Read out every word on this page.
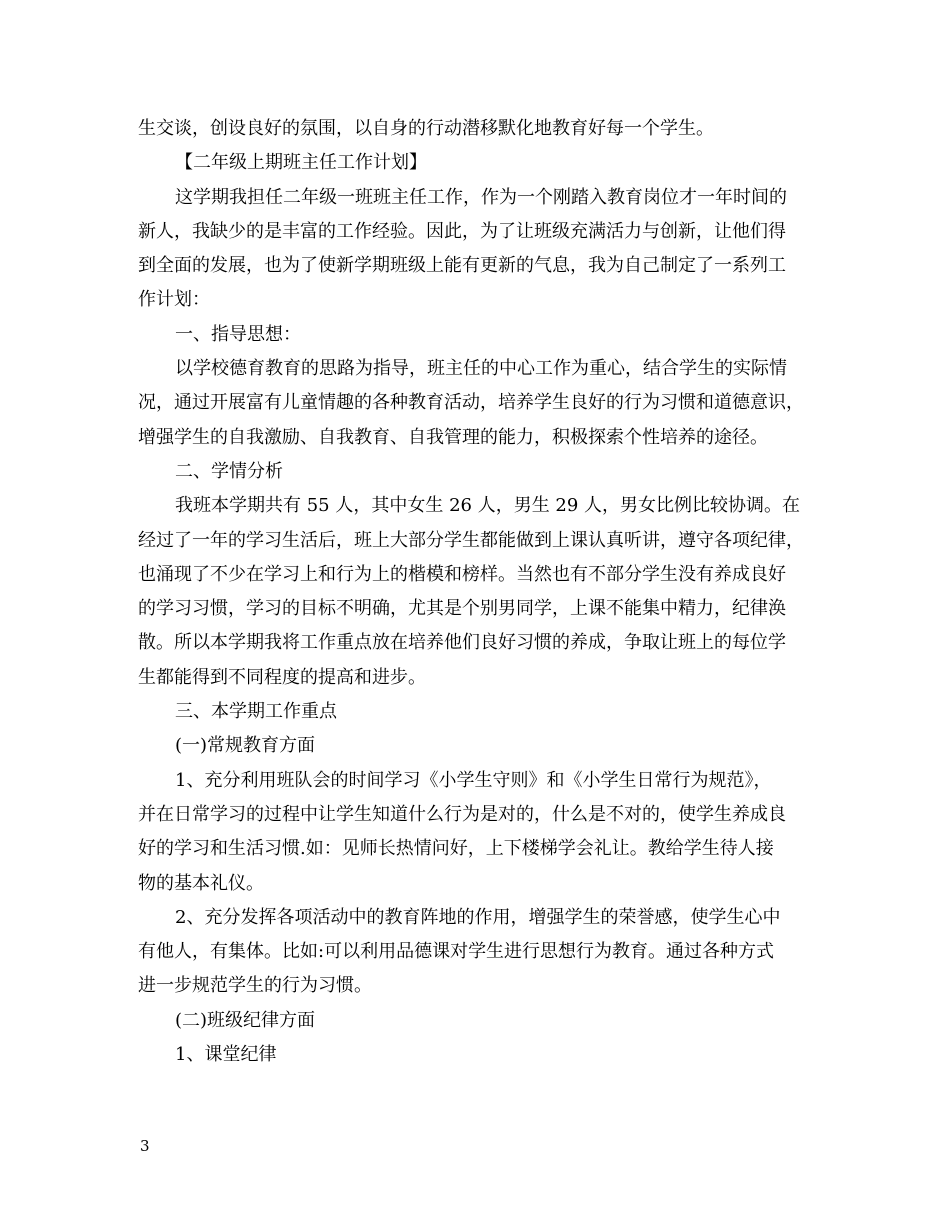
生交谈，创设良好的氛围，以自身的行动潜移默化地教育好每一个学生。
【二年级上期班主任工作计划】
这学期我担任二年级一班班主任工作，作为一个刚踏入教育岗位才一年时间的
新人，我缺少的是丰富的工作经验。因此，为了让班级充满活力与创新，让他们得
到全面的发展，也为了使新学期班级上能有更新的气息，我为自己制定了一系列工
作计划：
一、指导思想：
以学校德育教育的思路为指导，班主任的中心工作为重心，结合学生的实际情
况，通过开展富有儿童情趣的各种教育活动，培养学生良好的行为习惯和道德意识，
增强学生的自我激励、自我教育、自我管理的能力，积极探索个性培养的途径。
二、学情分析
我班本学期共有 55 人，其中女生 26 人，男生 29 人，男女比例比较协调。在
经过了一年的学习生活后，班上大部分学生都能做到上课认真听讲，遵守各项纪律，
也涌现了不少在学习上和行为上的楷模和榜样。当然也有不部分学生没有养成良好
的学习习惯，学习的目标不明确，尤其是个别男同学，上课不能集中精力，纪律涣
散。所以本学期我将工作重点放在培养他们良好习惯的养成，争取让班上的每位学
生都能得到不同程度的提高和进步。
三、本学期工作重点
(一)常规教育方面
1、充分利用班队会的时间学习《小学生守则》和《小学生日常行为规范》，
并在日常学习的过程中让学生知道什么行为是对的，什么是不对的，使学生养成良
好的学习和生活习惯.如：见师长热情问好，上下楼梯学会礼让。教给学生待人接
物的基本礼仪。
2、充分发挥各项活动中的教育阵地的作用，增强学生的荣誉感，使学生心中
有他人，有集体。比如:可以利用品德课对学生进行思想行为教育。通过各种方式
进一步规范学生的行为习惯。
(二)班级纪律方面
1、课堂纪律
3
